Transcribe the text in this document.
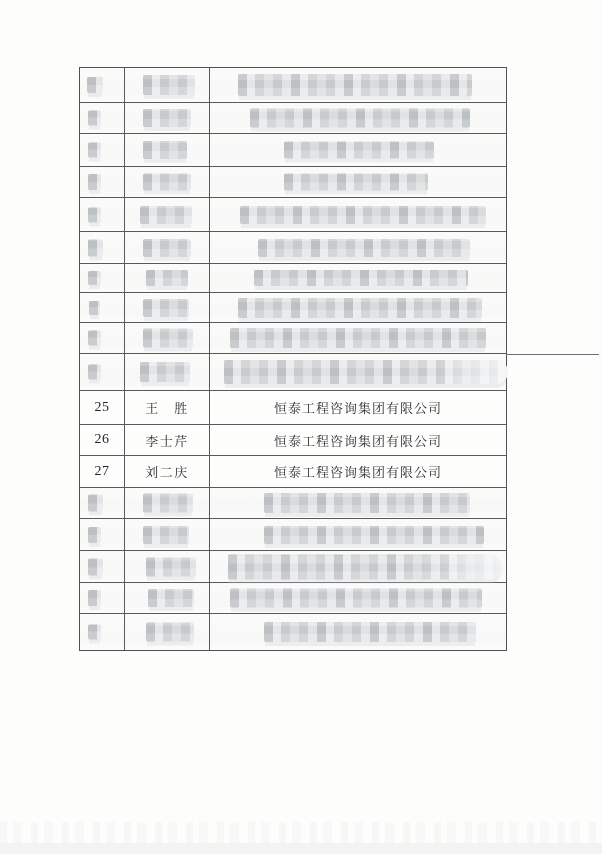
25	王　胜	恒泰工程咨询集团有限公司
26	李士芹	恒泰工程咨询集团有限公司
27	刘二庆	恒泰工程咨询集团有限公司
